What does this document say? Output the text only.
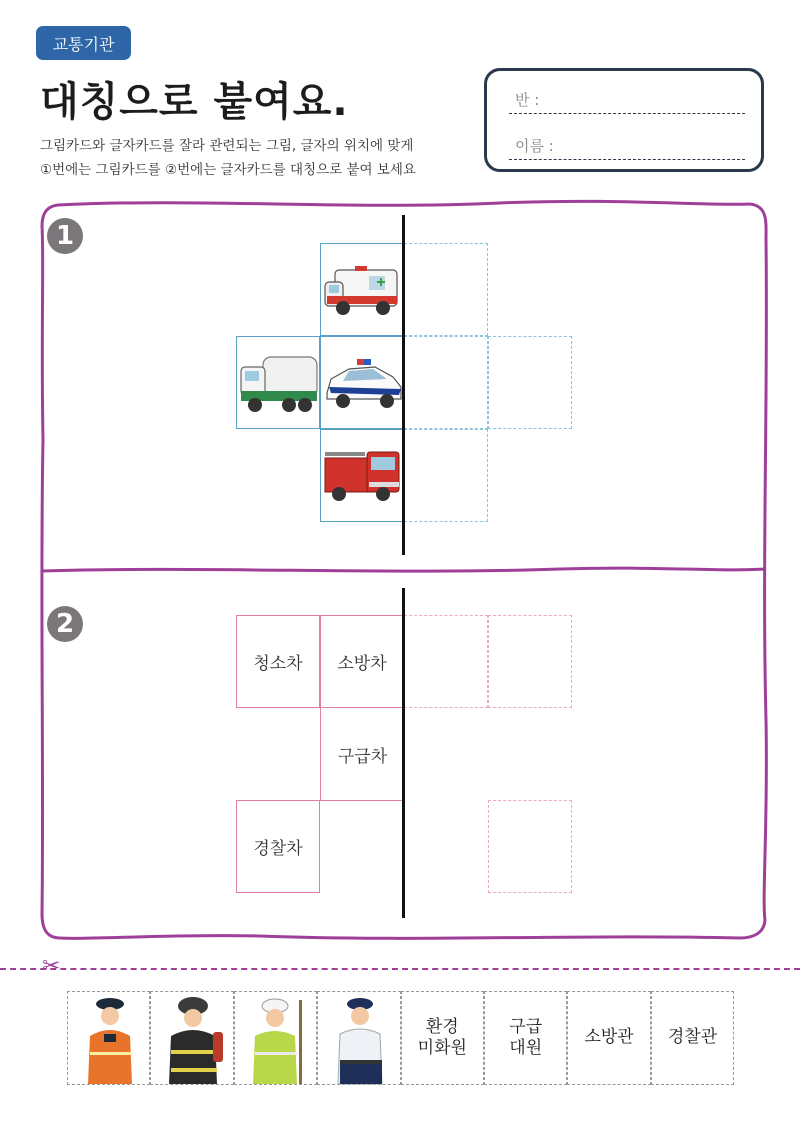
교통기관
대칭으로 붙여요.
그림카드와 글자카드를 잘라 관련되는 그림, 글자의 위치에 맞게
①번에는 그림카드를 ②번에는 글자카드를 대칭으로 붙여 보세요
반 :
이름 :
1
2
청소차	소방차
구급차
경찰차
✂
환경
미화원
구급
대원
소방관	경찰관
